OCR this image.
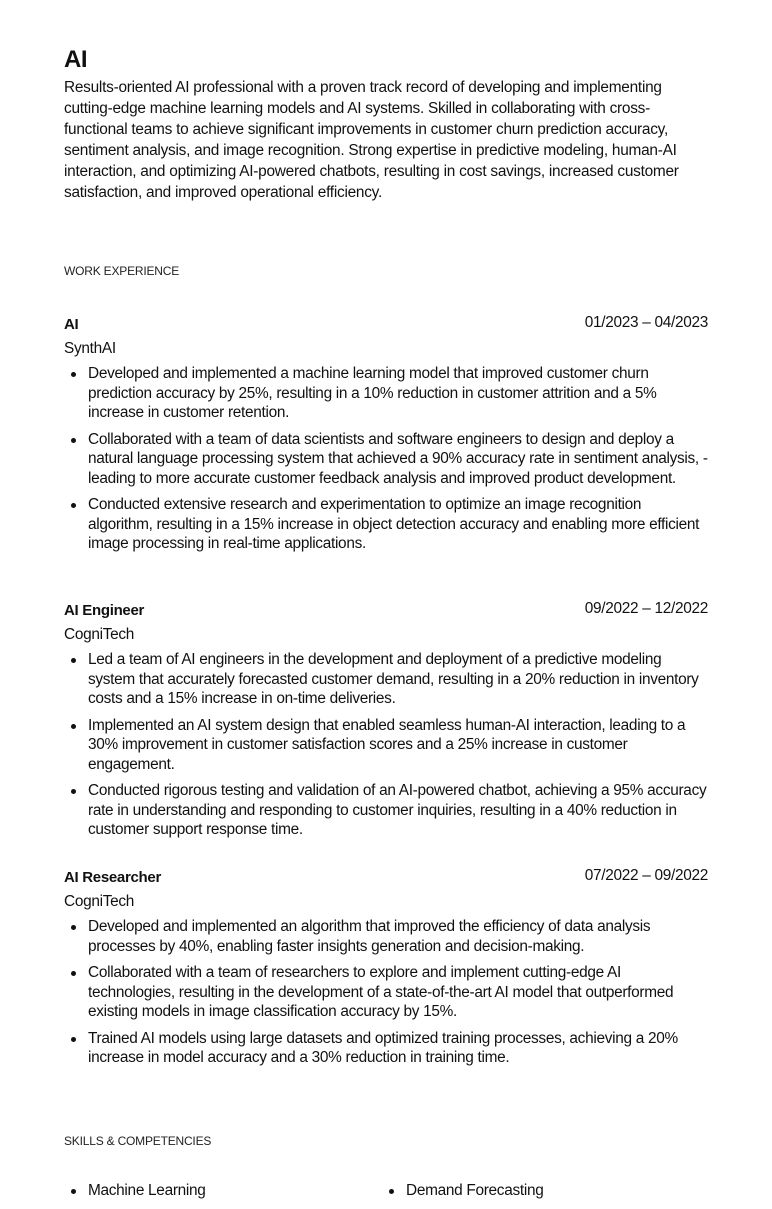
AI
Results-oriented AI professional with a proven track record of developing and implementing cutting-edge machine learning models and AI systems. Skilled in collaborating with cross-functional teams to achieve significant improvements in customer churn prediction accuracy, sentiment analysis, and image recognition. Strong expertise in predictive modeling, human-AI interaction, and optimizing AI-powered chatbots, resulting in cost savings, increased customer satisfaction, and improved operational efficiency.
WORK EXPERIENCE
AI	01/2023 – 04/2023
SynthAI
Developed and implemented a machine learning model that improved customer churn prediction accuracy by 25%, resulting in a 10% reduction in customer attrition and a 5% increase in customer retention.
Collaborated with a team of data scientists and software engineers to design and deploy a natural language processing system that achieved a 90% accuracy rate in sentiment analysis, -leading to more accurate customer feedback analysis and improved product development.
Conducted extensive research and experimentation to optimize an image recognition algorithm, resulting in a 15% increase in object detection accuracy and enabling more efficient image processing in real-time applications.
AI Engineer	09/2022 – 12/2022
CogniTech
Led a team of AI engineers in the development and deployment of a predictive modeling system that accurately forecasted customer demand, resulting in a 20% reduction in inventory costs and a 15% increase in on-time deliveries.
Implemented an AI system design that enabled seamless human-AI interaction, leading to a 30% improvement in customer satisfaction scores and a 25% increase in customer engagement.
Conducted rigorous testing and validation of an AI-powered chatbot, achieving a 95% accuracy rate in understanding and responding to customer inquiries, resulting in a 40% reduction in customer support response time.
AI Researcher	07/2022 – 09/2022
CogniTech
Developed and implemented an algorithm that improved the efficiency of data analysis processes by 40%, enabling faster insights generation and decision-making.
Collaborated with a team of researchers to explore and implement cutting-edge AI technologies, resulting in the development of a state-of-the-art AI model that outperformed existing models in image classification accuracy by 15%.
Trained AI models using large datasets and optimized training processes, achieving a 20% increase in model accuracy and a 30% reduction in training time.
SKILLS & COMPETENCIES
Machine Learning	Demand Forecasting
